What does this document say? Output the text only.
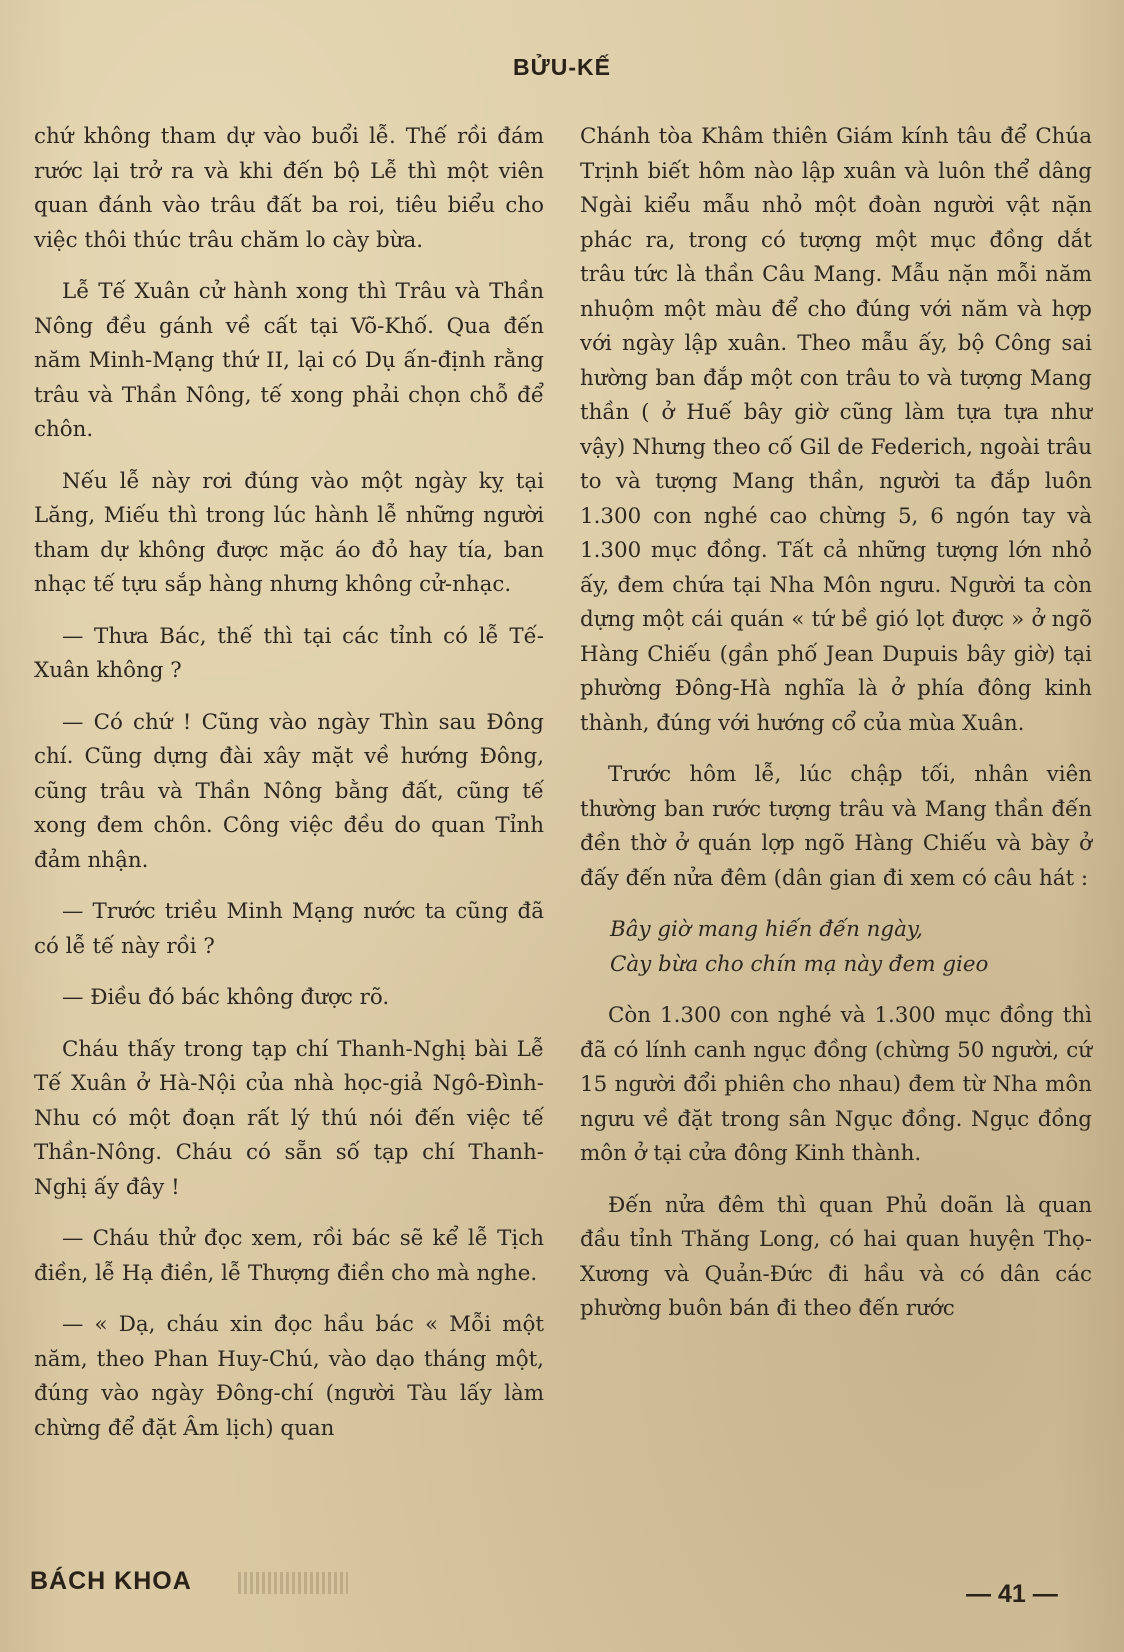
BỬU-KẾ

chứ không tham dự vào buổi lễ. Thế rồi đám rước lại trở ra và khi đến bộ Lễ thì một viên quan đánh vào trâu đất ba roi, tiêu biểu cho việc thôi thúc trâu chăm lo cày bừa.

Lễ Tế Xuân cử hành xong thì Trâu và Thần Nông đều gánh về cất tại Võ-Khố. Qua đến năm Minh-Mạng thứ II, lại có Dụ ấn-định rằng trâu và Thần Nông, tế xong phải chọn chỗ để chôn.

Nếu lễ này rơi đúng vào một ngày kỵ tại Lăng, Miếu thì trong lúc hành lễ những người tham dự không được mặc áo đỏ hay tía, ban nhạc tế tựu sắp hàng nhưng không cử-nhạc.

— Thưa Bác, thế thì tại các tỉnh có lễ Tế-Xuân không ?

— Có chứ ! Cũng vào ngày Thìn sau Đông chí. Cũng dựng đài xây mặt về hướng Đông, cũng trâu và Thần Nông bằng đất, cũng tế xong đem chôn. Công việc đều do quan Tỉnh đảm nhận.

— Trước triều Minh Mạng nước ta cũng đã có lễ tế này rồi ?

— Điều đó bác không được rõ.

Cháu thấy trong tạp chí Thanh-Nghị bài Lễ Tế Xuân ở Hà-Nội của nhà học-giả Ngô-Đình-Nhu có một đoạn rất lý thú nói đến việc tế Thần-Nông. Cháu có sẵn số tạp chí Thanh-Nghị ấy đây !

— Cháu thử đọc xem, rồi bác sẽ kể lễ Tịch điền, lễ Hạ điền, lễ Thượng điền cho mà nghe.

— « Dạ, cháu xin đọc hầu bác « Mỗi một năm, theo Phan Huy-Chú, vào dạo tháng một, đúng vào ngày Đông-chí (người Tàu lấy làm chừng để đặt Âm lịch) quan

Chánh tòa Khâm thiên Giám kính tâu để Chúa Trịnh biết hôm nào lập xuân và luôn thể dâng Ngài kiểu mẫu nhỏ một đoàn người vật nặn phác ra, trong có tượng một mục đồng dắt trâu tức là thần Câu Mang. Mẫu nặn mỗi năm nhuộm một màu để cho đúng với năm và hợp với ngày lập xuân. Theo mẫu ấy, bộ Công sai hường ban đắp một con trâu to và tượng Mang thần ( ở Huế bây giờ cũng làm tựa tựa như vậy) Nhưng theo cố Gil de Federich, ngoài trâu to và tượng Mang thần, người ta đắp luôn 1.300 con nghé cao chừng 5, 6 ngón tay và 1.300 mục đồng. Tất cả những tượng lớn nhỏ ấy, đem chứa tại Nha Môn ngưu. Người ta còn dựng một cái quán « tứ bề gió lọt được » ở ngõ Hàng Chiếu (gần phố Jean Dupuis bây giờ) tại phường Đông-Hà nghĩa là ở phía đông kinh thành, đúng với hướng cổ của mùa Xuân.

Trước hôm lễ, lúc chập tối, nhân viên thường ban rước tượng trâu và Mang thần đến đền thờ ở quán lợp ngõ Hàng Chiếu và bày ở đấy đến nửa đêm (dân gian đi xem có câu hát :

Bây giờ mang hiến đến ngày,

Cày bừa cho chín mạ này đem gieo

Còn 1.300 con nghé và 1.300 mục đồng thì đã có lính canh ngục đồng (chừng 50 người, cứ 15 người đổi phiên cho nhau) đem từ Nha môn ngưu về đặt trong sân Ngục đồng. Ngục đồng môn ở tại cửa đông Kinh thành.

Đến nửa đêm thì quan Phủ doãn là quan đầu tỉnh Thăng Long, có hai quan huyện Thọ-Xương và Quản-Đức đi hầu và có dân các phường buôn bán đi theo đến rước

BÁCH KHOA	— 41 —
